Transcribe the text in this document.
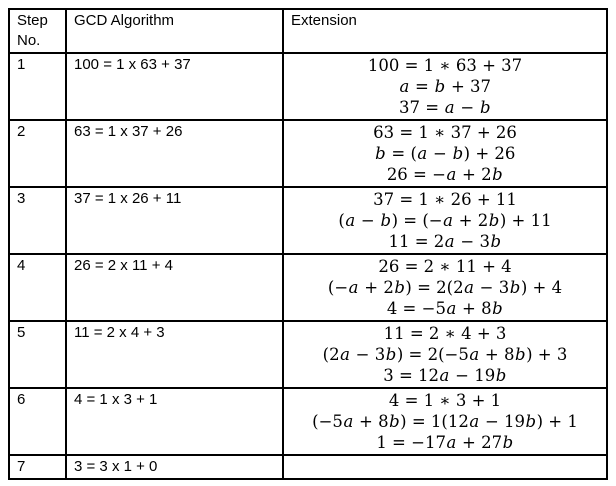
Step No.	GCD Algorithm	Extension
1	100 = 1 x 63 + 37	100 = 1 ∗ 63 + 37
a = b + 37
37 = a − b

2	63 = 1 x 37 + 26	63 = 1 ∗ 37 + 26
b = (a − b) + 26
26 = −a + 2b

3	37 = 1 x 26 + 11	37 = 1 ∗ 26 + 11
(a − b) = (−a + 2b) + 11
11 = 2a − 3b

4	26 = 2 x 11 + 4	26 = 2 ∗ 11 + 4
(−a + 2b) = 2(2a − 3b) + 4
4 = −5a + 8b

5	11 = 2 x 4 + 3	11 = 2 ∗ 4 + 3
(2a − 3b) = 2(−5a + 8b) + 3
3 = 12a − 19b

6	4 = 1 x 3 + 1	4 = 1 ∗ 3 + 1
(−5a + 8b) = 1(12a − 19b) + 1
1 = −17a + 27b

7	3 = 3 x 1 + 0	
